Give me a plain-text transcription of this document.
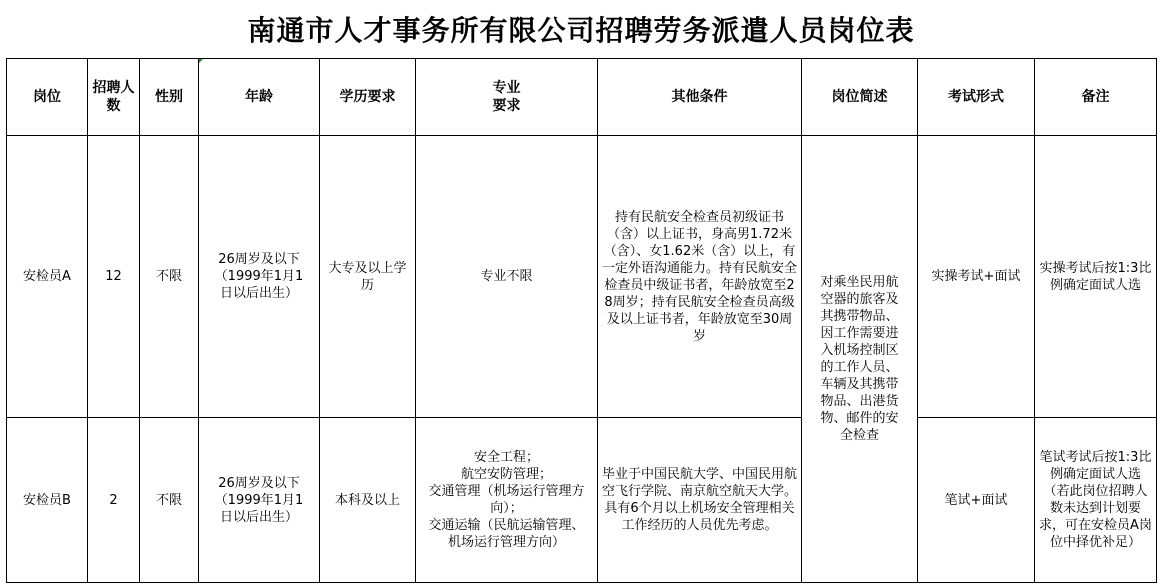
南通市人才事务所有限公司招聘劳务派遣人员岗位表
岗位	招聘人数	性别	年龄	学历要求	专业要求	其他条件	岗位简述	考试形式	备注
安检员A	12	不限	26周岁及以下（1999年1月1日以后出生）	大专及以上学历	专业不限	持有民航安全检查员初级证书（含）以上证书，身高男1.72米（含）、女1.62米（含）以上，有一定外语沟通能力。持有民航安全检查员中级证书者，年龄放宽至28周岁；持有民航安全检查员高级及以上证书者，年龄放宽至30周岁	对乘坐民用航空器的旅客及其携带物品、因工作需要进入机场控制区的工作人员、车辆及其携带物品、出港货物、邮件的安全检查	实操考试+面试	实操考试后按1:3比例确定面试人选
安检员B	2	不限	26周岁及以下（1999年1月1日以后出生）	本科及以上	安全工程；
航空安防管理；
交通管理（机场运行管理方向）；
交通运输（民航运输管理、机场运行管理方向）	毕业于中国民航大学、中国民用航空飞行学院、南京航空航天大学。具有6个月以上机场安全管理相关工作经历的人员优先考虑。		笔试+面试	笔试考试后按1:3比例确定面试人选（若此岗位招聘人数未达到计划要求，可在安检员A岗位中择优补足）
